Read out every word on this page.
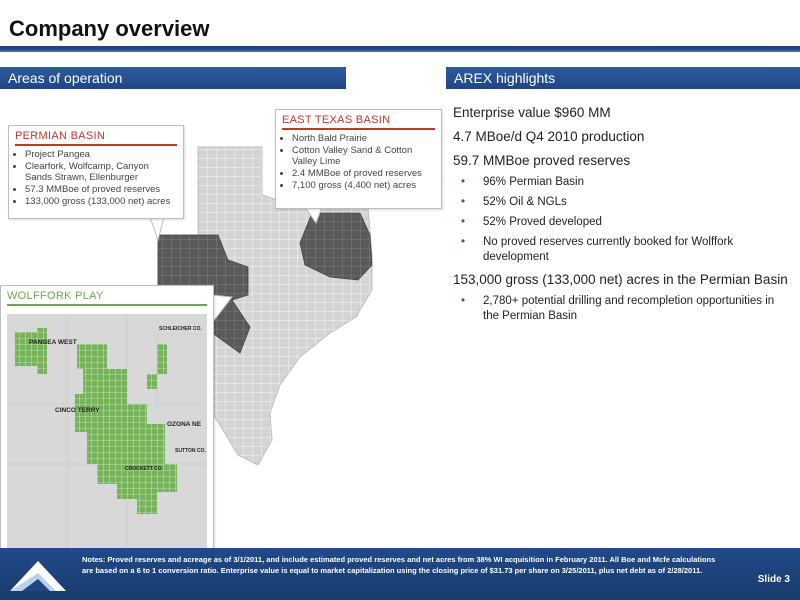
Company overview
Areas of operation	AREX highlights
PERMIAN BASIN
• Project Pangea
• Clearfork, Wolfcamp, Canyon Sands Strawn, Ellenburger
• 57.3 MMBoe of proved reserves
• 133,000 gross (133,000 net) acres
EAST TEXAS BASIN
• North Bald Prairie
• Cotton Valley Sand & Cotton Valley Lime
• 2.4 MMBoe of proved reserves
• 7,100 gross (4,400 net) acres
WOLFFORK PLAY
PANGEA WEST
SCHLEICHER CO.
CINCO TERRY
OZONA NE
SUTTON CO.
CROCKETT CO.
Enterprise value $960 MM
4.7 MBoe/d Q4 2010 production
59.7 MMBoe proved reserves
• 96% Permian Basin
• 52% Oil & NGLs
• 52% Proved developed
• No proved reserves currently booked for Wolffork development
153,000 gross (133,000 net) acres in the Permian Basin
• 2,780+ potential drilling and recompletion opportunities in the Permian Basin
Notes: Proved reserves and acreage as of 3/1/2011, and include estimated proved reserves and net acres from 38% WI acquisition in February 2011. All Boe and Mcfe calculations are based on a 6 to 1 conversion ratio. Enterprise value is equal to market capitalization using the closing price of $31.73 per share on 3/25/2011, plus net debt as of 2/28/2011.
Slide 3
